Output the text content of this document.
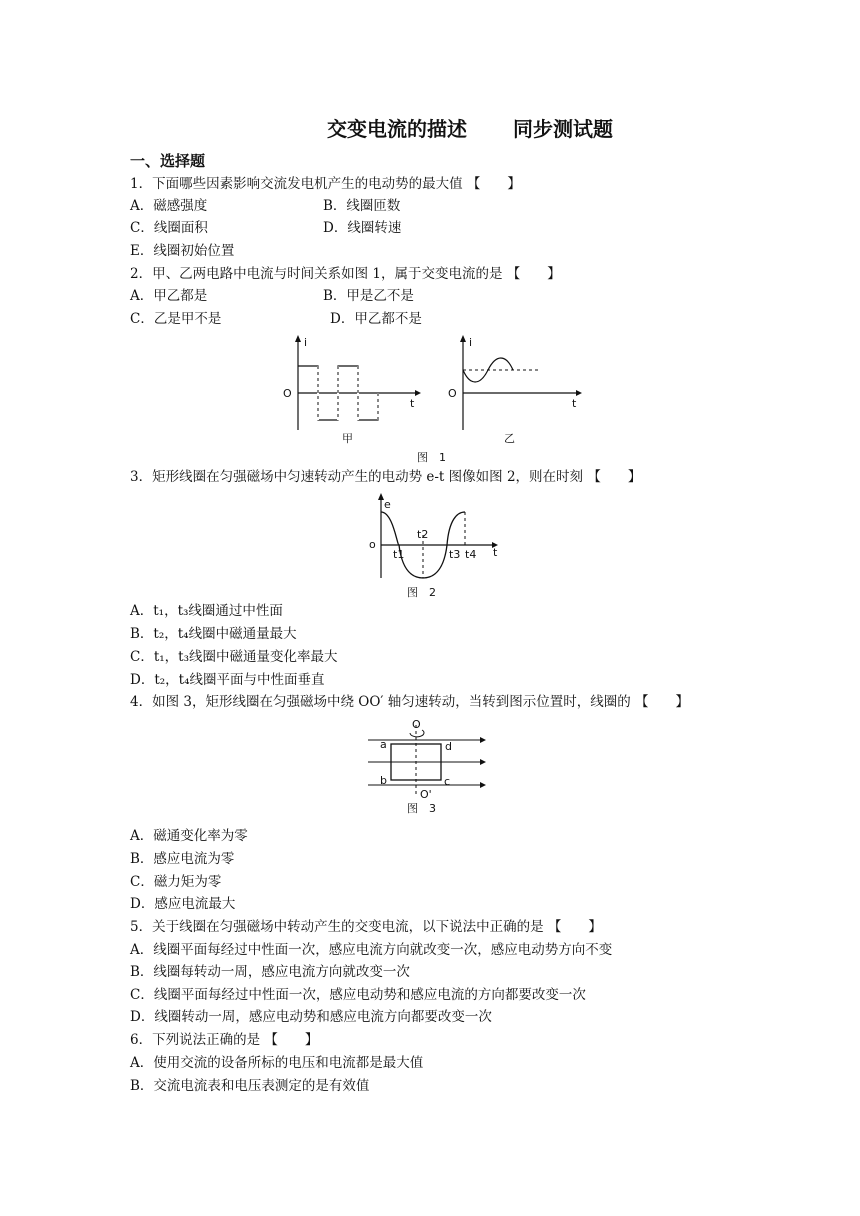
交变电流的描述 同步测试题
一、选择题
1．下面哪些因素影响交流发电机产生的电动势的最大值 【　　】
A．磁感强度	B．线圈匝数
C．线圈面积	D．线圈转速
E．线圈初始位置
2．甲、乙两电路中电流与时间关系如图 1，属于交变电流的是 【　　】
A．甲乙都是	B．甲是乙不是
C．乙是甲不是	D．甲乙都不是
i
O
t
甲
i
O
t
乙
图　1
3．矩形线圈在匀强磁场中匀速转动产生的电动势 e-t 图像如图 2，则在时刻 【　　】
e
o
t
t1
t2
t3 t4
图　2
A．t₁，t₃线圈通过中性面
B．t₂，t₄线圈中磁通量最大
C．t₁，t₃线圈中磁通量变化率最大
D．t₂，t₄线圈平面与中性面垂直
4．如图 3，矩形线圈在匀强磁场中绕 OO′ 轴匀速转动，当转到图示位置时，线圈的 【　　】
O
O'
a	d
b	c
图　3
A．磁通变化率为零
B．感应电流为零
C．磁力矩为零
D．感应电流最大
5．关于线圈在匀强磁场中转动产生的交变电流，以下说法中正确的是 【　　】
A．线圈平面每经过中性面一次，感应电流方向就改变一次，感应电动势方向不变
B．线圈每转动一周，感应电流方向就改变一次
C．线圈平面每经过中性面一次，感应电动势和感应电流的方向都要改变一次
D．线圈转动一周，感应电动势和感应电流方向都要改变一次
6．下列说法正确的是 【　　】
A．使用交流的设备所标的电压和电流都是最大值
B．交流电流表和电压表测定的是有效值
